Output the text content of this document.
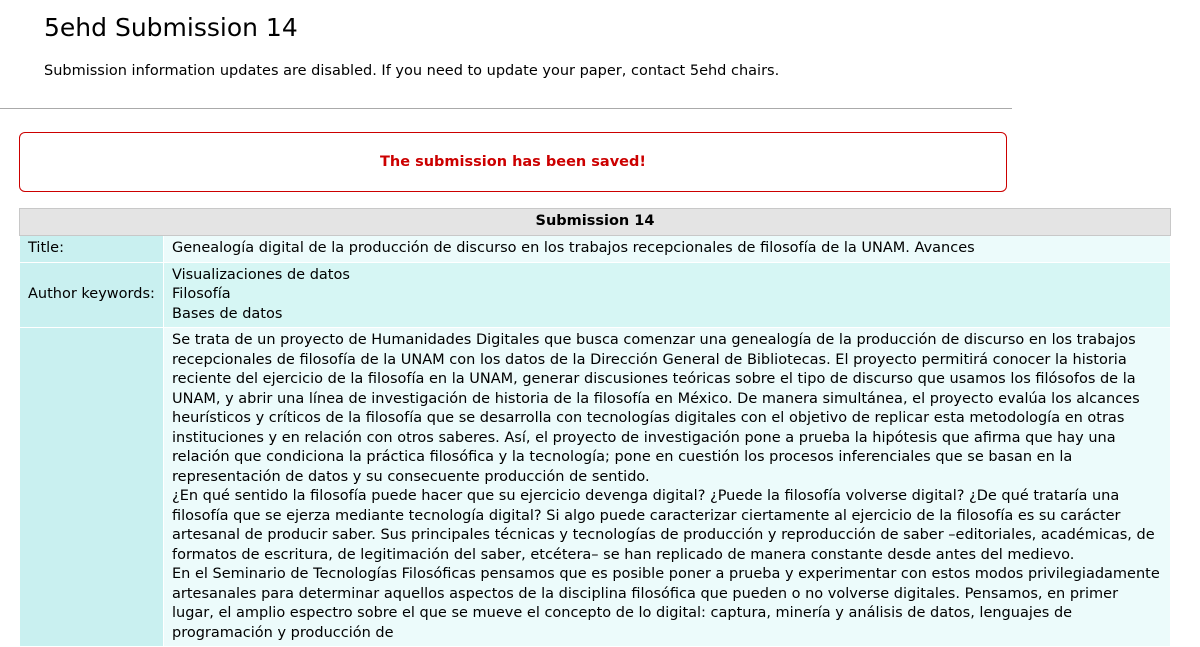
5ehd Submission 14

Submission information updates are disabled. If you need to update your paper, contact 5ehd chairs.

The submission has been saved!
Submission 14	
Title:	Genealogía digital de la producción de discurso en los trabajos recepcionales de filosofía de la UNAM. Avances
Author keywords:	Visualizaciones de datos
Filosofía
Bases de datos

	Se trata de un proyecto de Humanidades Digitales que busca comenzar una genealogía de la producción de discurso en los trabajos recepcionales de filosofía de la UNAM con los datos de la Dirección General de Bibliotecas. El proyecto permitirá conocer la historia reciente del ejercicio de la filosofía en la UNAM, generar discusiones teóricas sobre el tipo de discurso que usamos los filósofos de la UNAM, y abrir una línea de investigación de historia de la filosofía en México. De manera simultánea, el proyecto evalúa los alcances heurísticos y críticos de la filosofía que se desarrolla con tecnologías digitales con el objetivo de replicar esta metodología en otras instituciones y en relación con otros saberes. Así, el proyecto de investigación pone a prueba la hipótesis que afirma que hay una relación que condiciona la práctica filosófica y la tecnología; pone en cuestión los procesos inferenciales que se basan en la representación de datos y su consecuente producción de sentido.
¿En qué sentido la filosofía puede hacer que su ejercicio devenga digital? ¿Puede la filosofía volverse digital? ¿De qué trataría una filosofía que se ejerza mediante tecnología digital? Si algo puede caracterizar ciertamente al ejercicio de la filosofía es su carácter artesanal de producir saber. Sus principales técnicas y tecnologías de producción y reproducción de saber –editoriales, académicas, de formatos de escritura, de legitimación del saber, etcétera– se han replicado de manera constante desde antes del medievo.
En el Seminario de Tecnologías Filosóficas pensamos que es posible poner a prueba y experimentar con estos modos privilegiadamente artesanales para determinar aquellos aspectos de la disciplina filosófica que pueden o no volverse digitales. Pensamos, en primer lugar, el amplio espectro sobre el que se mueve el concepto de lo digital: captura, minería y análisis de datos, lenguajes de programación y producción de
